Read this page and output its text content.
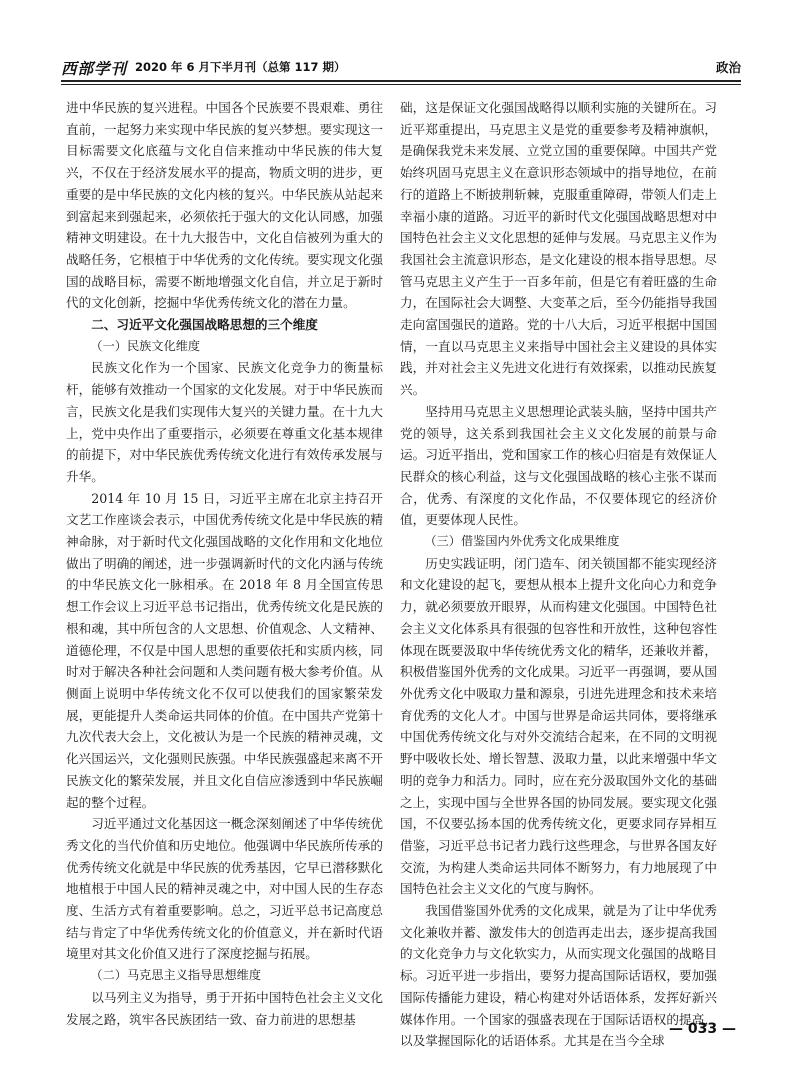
西部学刊 2020 年 6 月下半月刊（总第 117 期）	政治

进中华民族的复兴进程。中国各个民族要不畏艰难、勇往直前，一起努力来实现中华民族的复兴梦想。要实现这一目标需要文化底蕴与文化自信来推动中华民族的伟大复兴，不仅在于经济发展水平的提高，物质文明的进步，更重要的是中华民族的文化内核的复兴。中华民族从站起来到富起来到强起来，必须依托于强大的文化认同感，加强精神文明建设。在十九大报告中，文化自信被列为重大的战略任务，它根植于中华优秀的文化传统。要实现文化强国的战略目标，需要不断地增强文化自信，并立足于新时代的文化创新，挖掘中华优秀传统文化的潜在力量。

二、习近平文化强国战略思想的三个维度

（一）民族文化维度

民族文化作为一个国家、民族文化竞争力的衡量标杆，能够有效推动一个国家的文化发展。对于中华民族而言，民族文化是我们实现伟大复兴的关键力量。在十九大上，党中央作出了重要指示，必须要在尊重文化基本规律的前提下，对中华民族优秀传统文化进行有效传承发展与升华。

2014 年 10 月 15 日，习近平主席在北京主持召开文艺工作座谈会表示，中国优秀传统文化是中华民族的精神命脉，对于新时代文化强国战略的文化作用和文化地位做出了明确的阐述，进一步强调新时代的文化内涵与传统的中华民族文化一脉相承。在 2018 年 8 月全国宣传思想工作会议上习近平总书记指出，优秀传统文化是民族的根和魂，其中所包含的人文思想、价值观念、人文精神、道德伦理，不仅是中国人思想的重要依托和实质内核，同时对于解决各种社会问题和人类问题有极大参考价值。从侧面上说明中华传统文化不仅可以使我们的国家繁荣发展，更能提升人类命运共同体的价值。在中国共产党第十九次代表大会上，文化被认为是一个民族的精神灵魂，文化兴国运兴，文化强则民族强。中华民族强盛起来离不开民族文化的繁荣发展，并且文化自信应渗透到中华民族崛起的整个过程。

习近平通过文化基因这一概念深刻阐述了中华传统优秀文化的当代价值和历史地位。他强调中华民族所传承的优秀传统文化就是中华民族的优秀基因，它早已潜移默化地植根于中国人民的精神灵魂之中，对中国人民的生存态度、生活方式有着重要影响。总之，习近平总书记高度总结与肯定了中华优秀传统文化的价值意义，并在新时代语境里对其文化价值又进行了深度挖掘与拓展。

（二）马克思主义指导思想维度

以马列主义为指导，勇于开拓中国特色社会主义文化发展之路，筑牢各民族团结一致、奋力前进的思想基

础，这是保证文化强国战略得以顺利实施的关键所在。习近平郑重提出，马克思主义是党的重要参考及精神旗帜，是确保我党未来发展、立党立国的重要保障。中国共产党始终巩固马克思主义在意识形态领域中的指导地位，在前行的道路上不断披荆斩棘，克服重重障碍，带领人们走上幸福小康的道路。习近平的新时代文化强国战略思想对中国特色社会主义文化思想的延伸与发展。马克思主义作为我国社会主流意识形态，是文化建设的根本指导思想。尽管马克思主义产生于一百多年前，但是它有着旺盛的生命力，在国际社会大调整、大变革之后，至今仍能指导我国走向富国强民的道路。党的十八大后，习近平根据中国国情，一直以马克思主义来指导中国社会主义建设的具体实践，并对社会主义先进文化进行有效探索，以推动民族复兴。

坚持用马克思主义思想理论武装头脑，坚持中国共产党的领导，这关系到我国社会主义文化发展的前景与命运。习近平指出，党和国家工作的核心归宿是有效保证人民群众的核心利益，这与文化强国战略的核心主张不谋而合，优秀、有深度的文化作品，不仅要体现它的经济价值，更要体现人民性。

（三）借鉴国内外优秀文化成果维度

历史实践证明，闭门造车、闭关锁国都不能实现经济和文化建设的起飞，要想从根本上提升文化向心力和竞争力，就必须要放开眼界，从而构建文化强国。中国特色社会主义文化体系具有很强的包容性和开放性，这种包容性体现在既要汲取中华传统优秀文化的精华，还兼收并蓄，积极借鉴国外优秀的文化成果。习近平一再强调，要从国外优秀文化中吸取力量和源泉，引进先进理念和技术来培育优秀的文化人才。中国与世界是命运共同体，要将继承中国优秀传统文化与对外交流结合起来，在不同的文明视野中吸收长处、增长智慧、汲取力量，以此来增强中华文明的竞争力和活力。同时，应在充分汲取国外文化的基础之上，实现中国与全世界各国的协同发展。要实现文化强国，不仅要弘扬本国的优秀传统文化，更要求同存异相互借鉴，习近平总书记者力践行这些理念，与世界各国友好交流，为构建人类命运共同体不断努力，有力地展现了中国特色社会主义文化的气度与胸怀。

我国借鉴国外优秀的文化成果，就是为了让中华优秀文化兼收并蓄、激发伟大的创造再走出去，逐步提高我国的文化竞争力与文化软实力，从而实现文化强国的战略目标。习近平进一步指出，要努力提高国际话语权，要加强国际传播能力建设，精心构建对外话语体系，发挥好新兴媒体作用。一个国家的强盛表现在于国际话语权的提高，以及掌握国际化的话语体系。尤其是在当今全球

— 033 —
